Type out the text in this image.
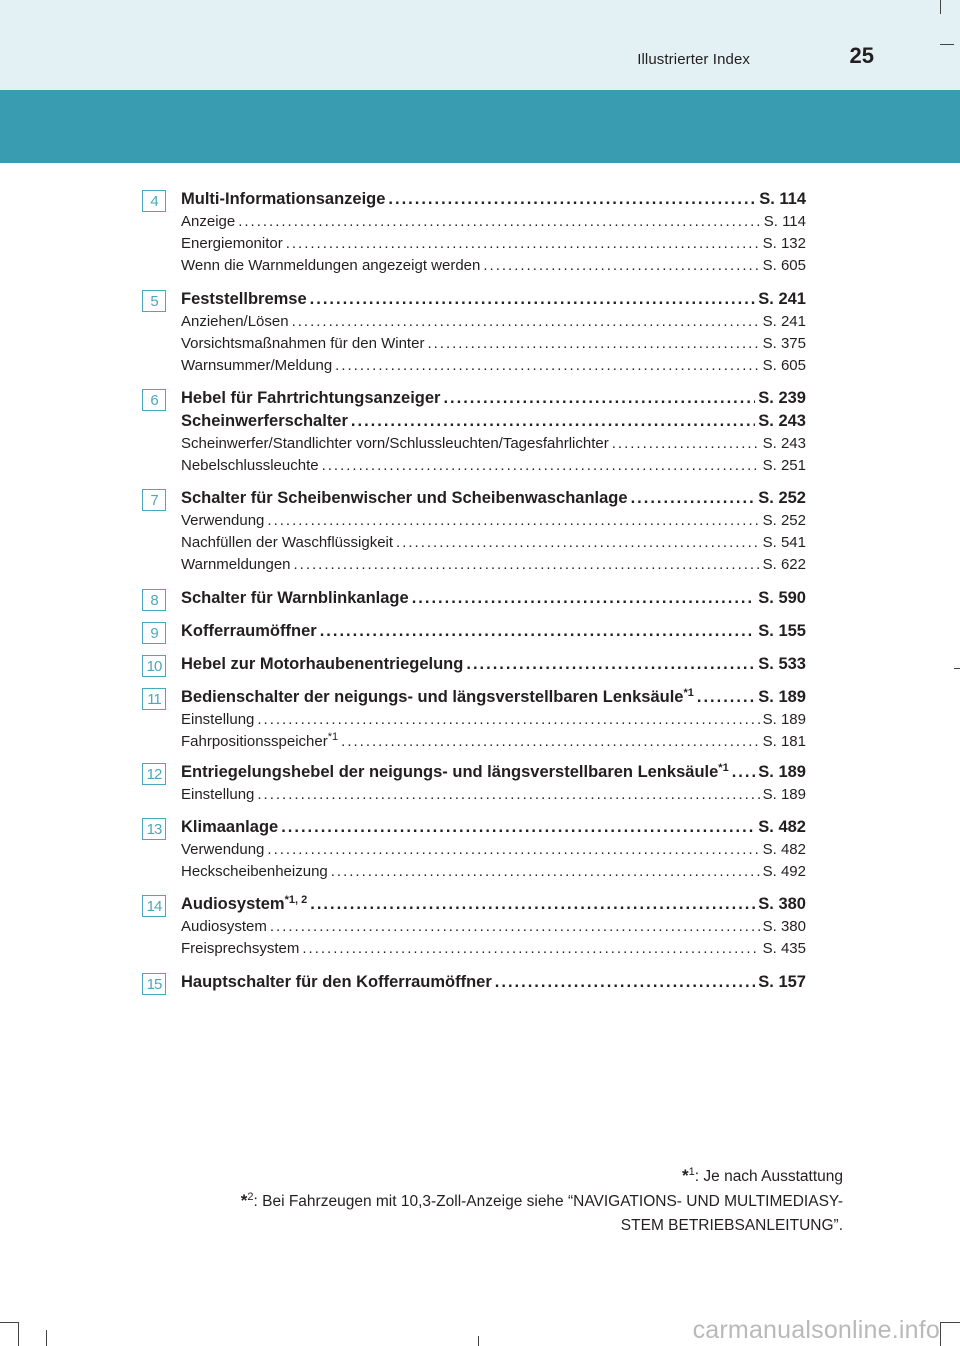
Illustrierter Index	25
4	Multi-Informationsanzeige .....	S. 114
Anzeige .....	S. 114
Energiemonitor .....	S. 132
Wenn die Warnmeldungen angezeigt werden .....	S. 605
5	Feststellbremse .....	S. 241
Anziehen/Lösen .....	S. 241
Vorsichtsmaßnahmen für den Winter .....	S. 375
Warnsummer/Meldung .....	S. 605
6	Hebel für Fahrtrichtungsanzeiger .....	S. 239
Scheinwerferschalter .....	S. 243
Scheinwerfer/Standlichter vorn/Schlussleuchten/Tagesfahrlichter .....	S. 243
Nebelschlussleuchte .....	S. 251
7	Schalter für Scheibenwischer und Scheibenwaschanlage .....	S. 252
Verwendung .....	S. 252
Nachfüllen der Waschflüssigkeit .....	S. 541
Warnmeldungen .....	S. 622
8	Schalter für Warnblinkanlage .....	S. 590
9	Kofferraumöffner .....	S. 155
10 Hebel zur Motorhaubenentriegelung .....	S. 533
11	Bedienschalter der neigungs- und längsverstellbaren Lenksäule$^{*1}$ .....	S. 189
Einstellung .....	S. 189
Fahrpositionsspeicher$^{*1}$ .....	S. 181
12 Entriegelungshebel der neigungs- und längsverstellbaren Lenksäule$^{*1}$ ..... S. 189
Einstellung .....	S. 189
13 Klimaanlage .....	S. 482
Verwendung .....	S. 482
Heckscheibenheizung .....	S. 492
14 Audiosystem$^{*1, 2}$ .....	S. 380
Audiosystem .....	S. 380
Freisprechsystem .....	S. 435
15 Hauptschalter für den Kofferraumöffner .....	S. 157
*$^1$: Je nach Ausstattung
*$^2$: Bei Fahrzeugen mit 10,3-Zoll-Anzeige siehe “NAVIGATIONS- UND MULTIMEDIASY-
STEM BETRIEBSANLEITUNG”.
carmanualsonline.info
